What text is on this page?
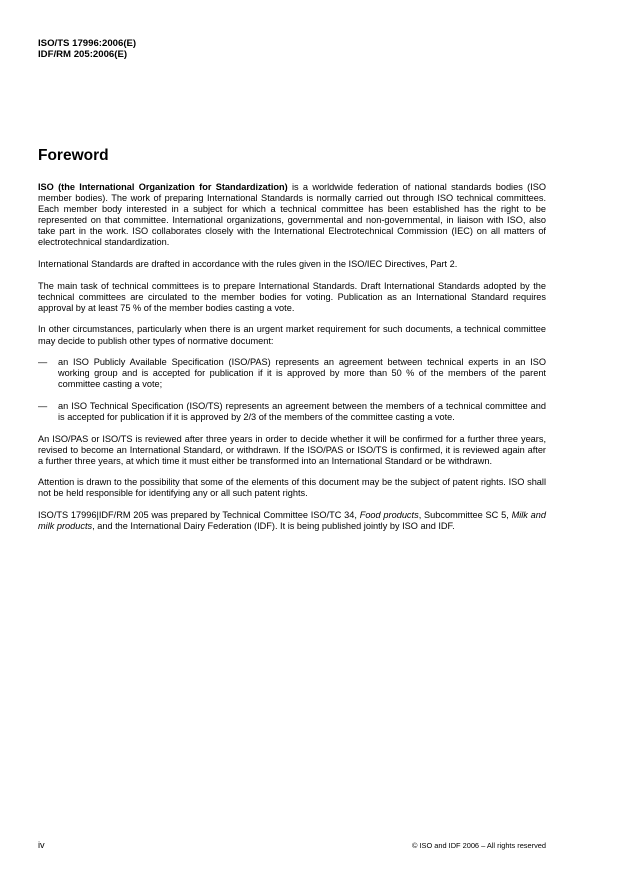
ISO/TS 17996:2006(E)
IDF/RM 205:2006(E)
Foreword

ISO (the International Organization for Standardization) is a worldwide federation of national standards bodies (ISO member bodies). The work of preparing International Standards is normally carried out through ISO technical committees. Each member body interested in a subject for which a technical committee has been established has the right to be represented on that committee. International organizations, governmental and non-governmental, in liaison with ISO, also take part in the work. ISO collaborates closely with the International Electrotechnical Commission (IEC) on all matters of electrotechnical standardization.

International Standards are drafted in accordance with the rules given in the ISO/IEC Directives, Part 2.

The main task of technical committees is to prepare International Standards. Draft International Standards adopted by the technical committees are circulated to the member bodies for voting. Publication as an International Standard requires approval by at least 75 % of the member bodies casting a vote.

In other circumstances, particularly when there is an urgent market requirement for such documents, a technical committee may decide to publish other types of normative document:

—	an ISO Publicly Available Specification (ISO/PAS) represents an agreement between technical experts in an ISO working group and is accepted for publication if it is approved by more than 50 % of the members of the parent committee casting a vote;
—	an ISO Technical Specification (ISO/TS) represents an agreement between the members of a technical committee and is accepted for publication if it is approved by 2/3 of the members of the committee casting a vote.

An ISO/PAS or ISO/TS is reviewed after three years in order to decide whether it will be confirmed for a further three years, revised to become an International Standard, or withdrawn. If the ISO/PAS or ISO/TS is confirmed, it is reviewed again after a further three years, at which time it must either be transformed into an International Standard or be withdrawn.

Attention is drawn to the possibility that some of the elements of this document may be the subject of patent rights. ISO shall not be held responsible for identifying any or all such patent rights.

ISO/TS 17996|IDF/RM 205 was prepared by Technical Committee ISO/TC 34, Food products, Subcommittee SC 5, Milk and milk products, and the International Dairy Federation (IDF). It is being published jointly by ISO and IDF.

iv	© ISO and IDF 2006 – All rights reserved
